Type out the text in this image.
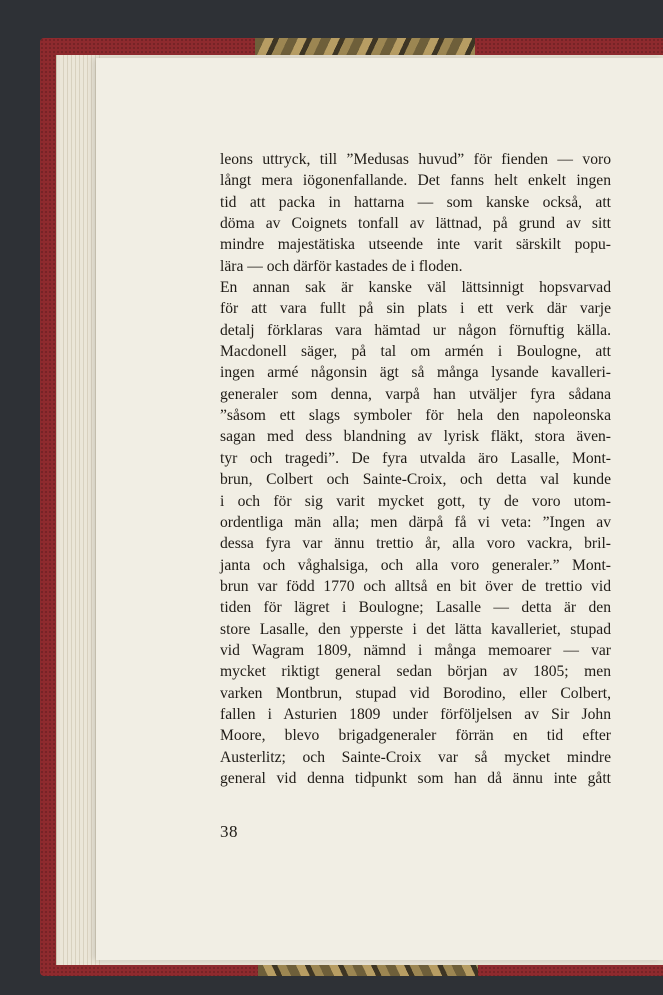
leons uttryck, till ”Medusas huvud” för fienden — voro
långt mera iögonenfallande. Det fanns helt enkelt ingen
tid att packa in hattarna — som kanske också, att
döma av Coignets tonfall av lättnad, på grund av sitt
mindre majestätiska utseende inte varit särskilt popu-
lära — och därför kastades de i floden.
En annan sak är kanske väl lättsinnigt hopsvarvad
för att vara fullt på sin plats i ett verk där varje
detalj förklaras vara hämtad ur någon förnuftig källa.
Macdonell säger, på tal om armén i Boulogne, att
ingen armé någonsin ägt så många lysande kavalleri-
generaler som denna, varpå han utväljer fyra sådana
”såsom ett slags symboler för hela den napoleonska
sagan med dess blandning av lyrisk fläkt, stora även-
tyr och tragedi”. De fyra utvalda äro Lasalle, Mont-
brun, Colbert och Sainte-Croix, och detta val kunde
i och för sig varit mycket gott, ty de voro utom-
ordentliga män alla; men därpå få vi veta: ”Ingen av
dessa fyra var ännu trettio år, alla voro vackra, bril-
janta och våghalsiga, och alla voro generaler.” Mont-
brun var född 1770 och alltså en bit över de trettio vid
tiden för lägret i Boulogne; Lasalle — detta är den
store Lasalle, den ypperste i det lätta kavalleriet, stupad
vid Wagram 1809, nämnd i många memoarer — var
mycket riktigt general sedan början av 1805; men
varken Montbrun, stupad vid Borodino, eller Colbert,
fallen i Asturien 1809 under förföljelsen av Sir John
Moore, blevo brigadgeneraler förrän en tid efter
Austerlitz; och Sainte-Croix var så mycket mindre
general vid denna tidpunkt som han då ännu inte gått
38
